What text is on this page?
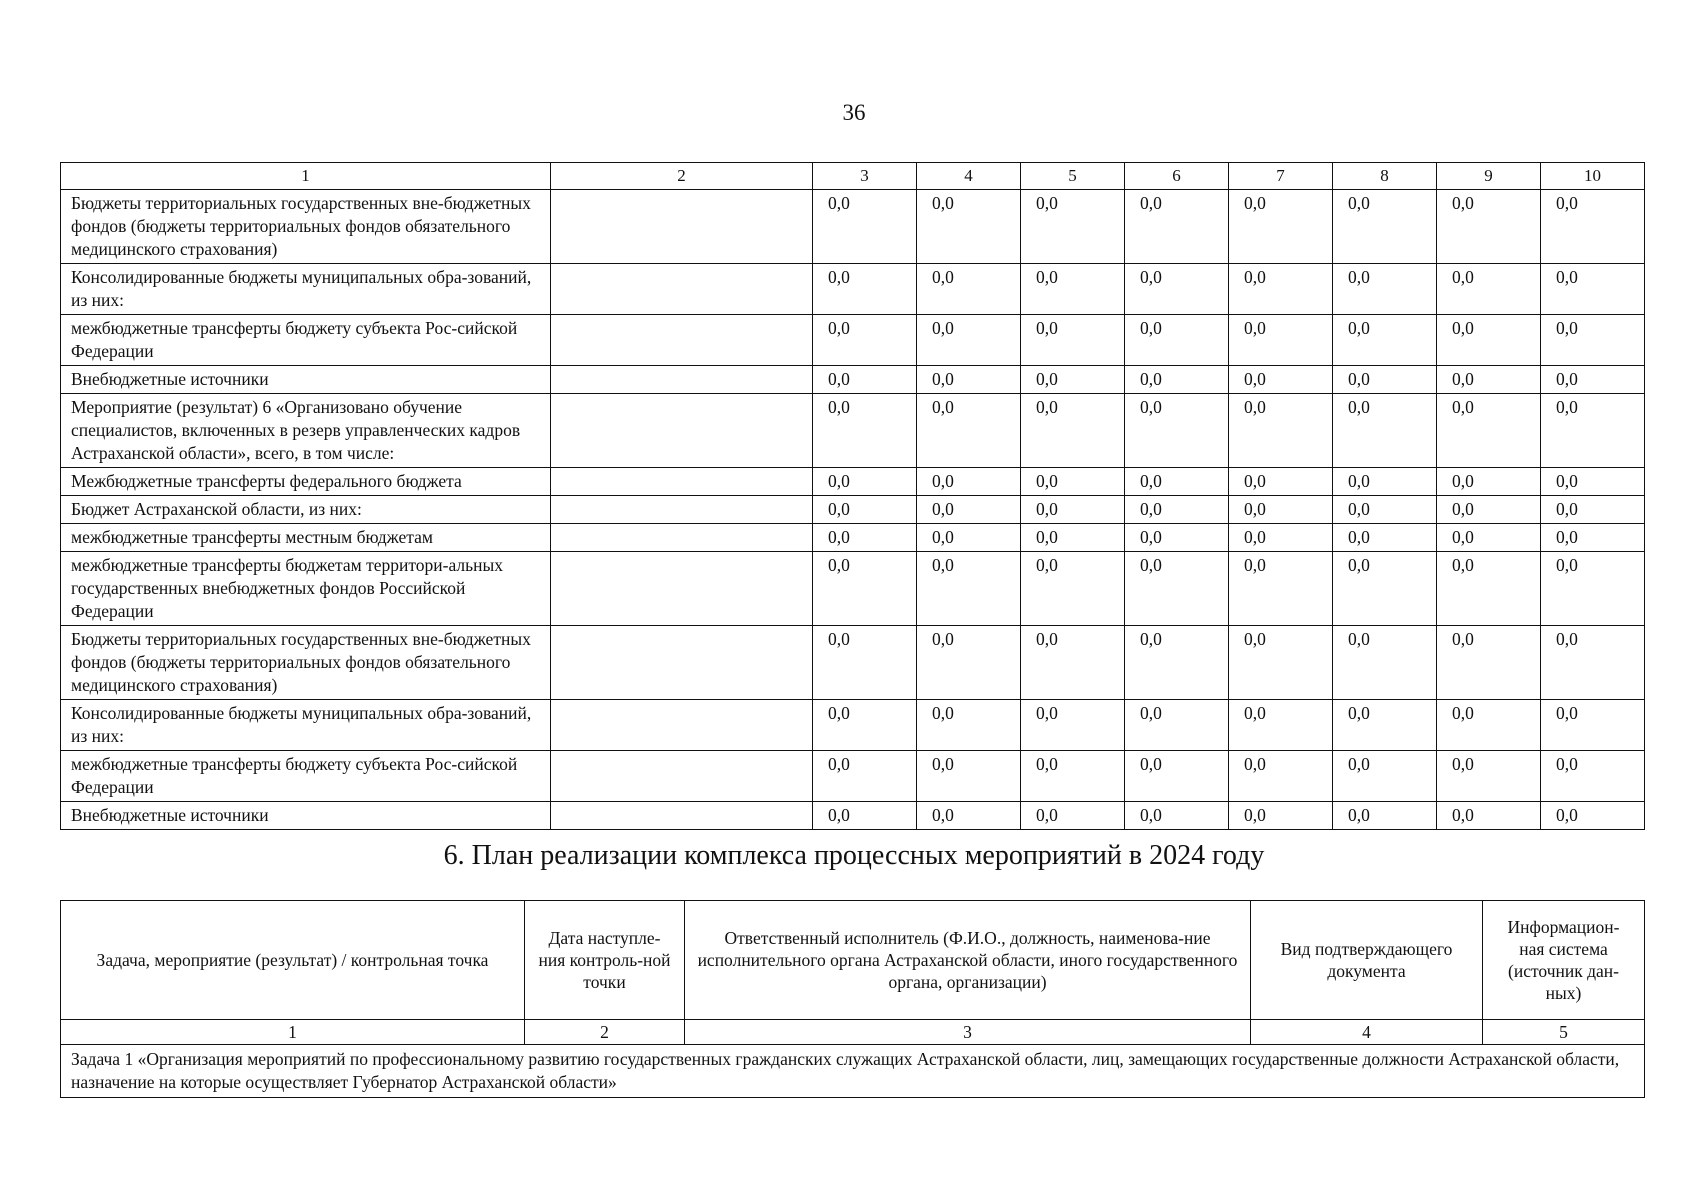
36
1	2	3	4	5	6	7	8	9	10
Бюджеты территориальных государственных вне-бюджетных фондов (бюджеты территориальных фондов обязательного медицинского страхования)		0,0	0,0	0,0	0,0	0,0	0,0	0,0	0,0
Консолидированные бюджеты муниципальных обра-зований, из них:		0,0	0,0	0,0	0,0	0,0	0,0	0,0	0,0
межбюджетные трансферты бюджету субъекта Рос-сийской Федерации		0,0	0,0	0,0	0,0	0,0	0,0	0,0	0,0
Внебюджетные источники		0,0	0,0	0,0	0,0	0,0	0,0	0,0	0,0
Мероприятие (результат) 6 «Организовано обучение специалистов, включенных в резерв управленческих кадров Астраханской области», всего, в том числе:		0,0	0,0	0,0	0,0	0,0	0,0	0,0	0,0
Межбюджетные трансферты федерального бюджета		0,0	0,0	0,0	0,0	0,0	0,0	0,0	0,0
Бюджет Астраханской области, из них:		0,0	0,0	0,0	0,0	0,0	0,0	0,0	0,0
межбюджетные трансферты местным бюджетам		0,0	0,0	0,0	0,0	0,0	0,0	0,0	0,0
межбюджетные трансферты бюджетам территори-альных государственных внебюджетных фондов Российской Федерации		0,0	0,0	0,0	0,0	0,0	0,0	0,0	0,0
Бюджеты территориальных государственных вне-бюджетных фондов (бюджеты территориальных фондов обязательного медицинского страхования)		0,0	0,0	0,0	0,0	0,0	0,0	0,0	0,0
Консолидированные бюджеты муниципальных обра-зований, из них:		0,0	0,0	0,0	0,0	0,0	0,0	0,0	0,0
межбюджетные трансферты бюджету субъекта Рос-сийской Федерации		0,0	0,0	0,0	0,0	0,0	0,0	0,0	0,0
Внебюджетные источники		0,0	0,0	0,0	0,0	0,0	0,0	0,0	0,0
6. План реализации комплекса процессных мероприятий в 2024 году
Задача, мероприятие (результат) / контрольная точка	Дата наступле-ния контроль-ной точки	Ответственный исполнитель (Ф.И.О., должность, наименова-ние исполнительного органа Астраханской области, иного государственного органа, организации)	Вид подтверждающего документа	Информацион-ная система (источник дан-ных)
1	2	3	4	5
Задача 1 «Организация мероприятий по профессиональному развитию государственных гражданских служащих Астраханской области, лиц, замещающих государственные должности Астраханской области, назначение на которые осуществляет Губернатор Астраханской области»				
